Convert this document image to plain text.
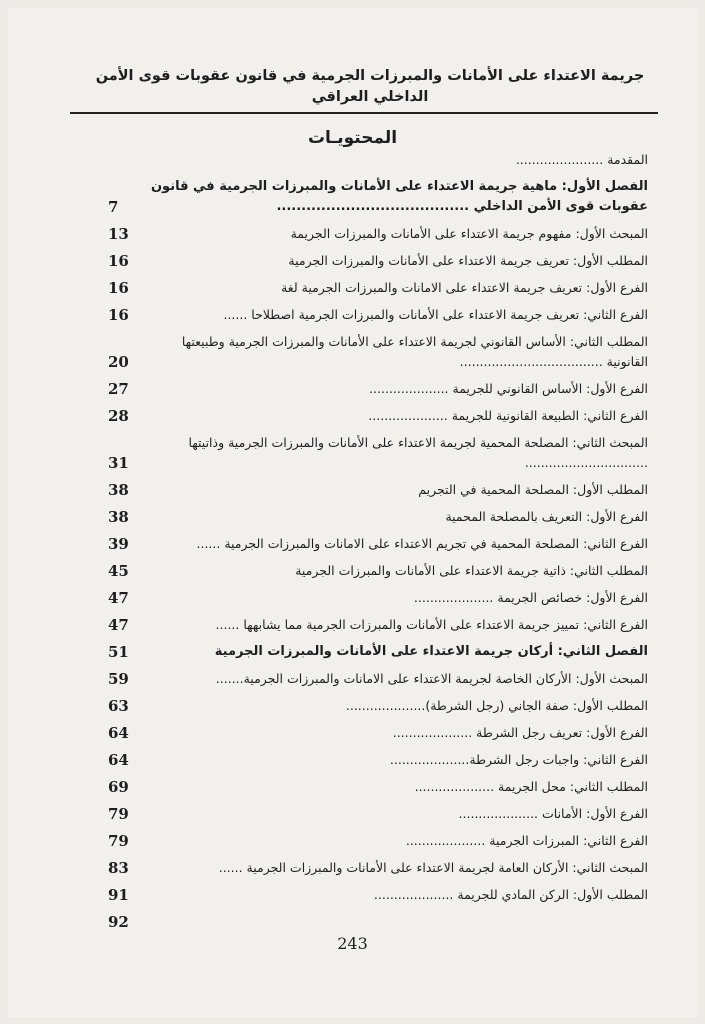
جريمة الاعتداء على الأمانات والمبرزات الجرمية في قانون عقوبات قوى الأمن الداخلي العراقي
المحتويـات
المقدمة ......................
الفصل الأول: ماهية جريمة الاعتداء على الأمانات والمبرزات الجرمية في قانون عقوبات قوى الأمن الداخلي .......................................
7
المبحث الأول: مفهوم جريمة الاعتداء على الأمانات والمبرزات الجريمة
13
المطلب الأول: تعريف جريمة الاعتداء على الأمانات والمبرزات الجرمية
16
الفرع الأول: تعريف جريمة الاعتداء على الامانات والمبرزات الجرمية لغة
16
الفرع الثاني: تعريف جريمة الاعتداء على الأمانات والمبرزات الجرمية اصطلاحا ......
16
المطلب الثاني: الأساس القانوني لجريمة الاعتداء على الأمانات والمبرزات الجرمية وطبيعتها القانونية ....................................
20
الفرع الأول: الأساس القانوني للجريمة ....................
27
الفرع الثاني: الطبيعة القانونية للجريمة ....................
28
المبحث الثاني: المصلحة المحمية لجريمة الاعتداء على الأمانات والمبرزات الجرمية وذاتيتها ...............................
31
المطلب الأول: المصلحة المحمية في التجريم
38
الفرع الأول: التعريف بالمصلحة المحمية
38
الفرع الثاني: المصلحة المحمية في تجريم الاعتداء على الامانات والمبرزات الجرمية ......
39
المطلب الثاني: ذاتية جريمة الاعتداء على الأمانات والمبرزات الجرمية
45
الفرع الأول: خصائص الجريمة ....................
47
الفرع الثاني: تمييز جريمة الاعتداء على الأمانات والمبرزات الجرمية مما يشابهها ......
47
الفصل الثاني: أركان جريمة الاعتداء على الأمانات والمبرزات الجرمية
51
المبحث الأول: الأركان الخاصة لجريمة الاعتداء على الامانات والمبرزات الجرمية.......
59
المطلب الأول: صفة الجاني (رجل الشرطة)....................
63
الفرع الأول: تعريف رجل الشرطة ....................
64
الفرع الثاني: واجبات رجل الشرطة....................
64
المطلب الثاني: محل الجريمة ....................
69
الفرع الأول: الأمانات ....................
79
الفرع الثاني: المبرزات الجرمية ....................
79
المبحث الثاني: الأركان العامة لجريمة الاعتداء على الأمانات والمبرزات الجرمية ......
83
المطلب الأول: الركن المادي للجريمة ....................
91
92
243
